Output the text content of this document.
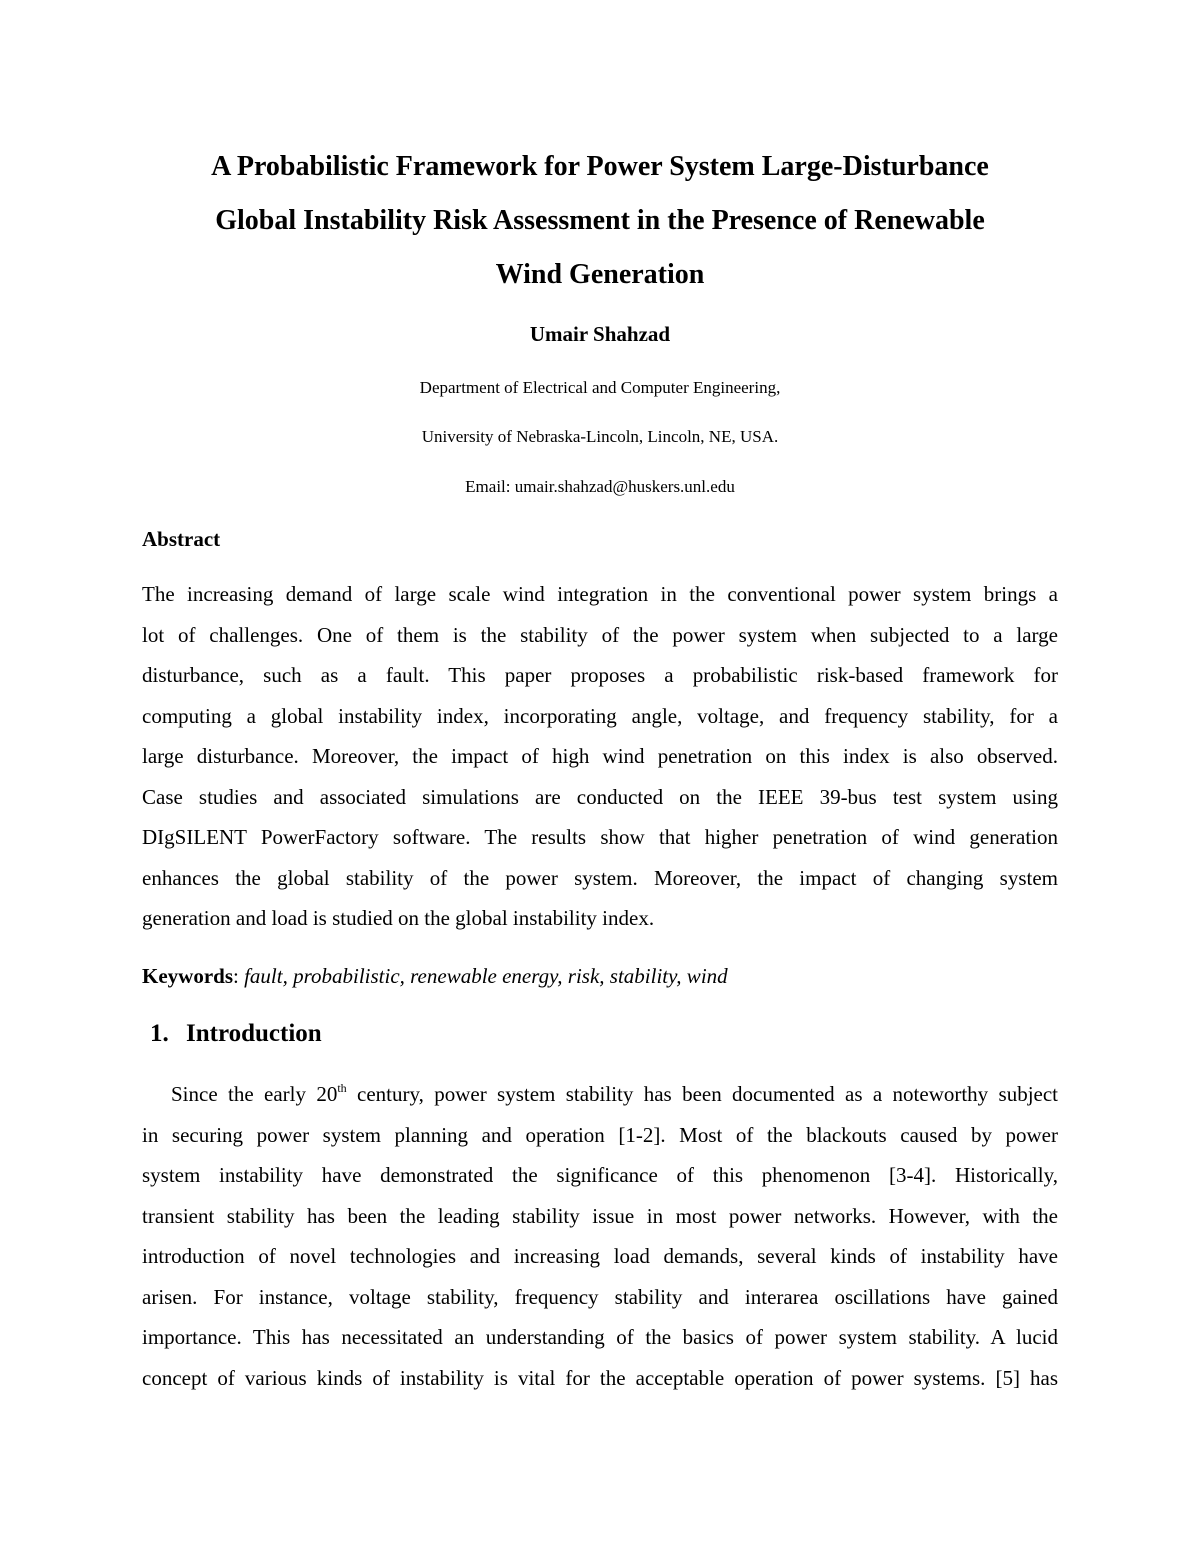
A Probabilistic Framework for Power System Large-Disturbance
Global Instability Risk Assessment in the Presence of Renewable
Wind Generation

Umair Shahzad

Department of Electrical and Computer Engineering,

University of Nebraska-Lincoln, Lincoln, NE, USA.

Email: umair.shahzad@huskers.unl.edu

Abstract
The increasing demand of large scale wind integration in the conventional power system brings a
lot of challenges. One of them is the stability of the power system when subjected to a large
disturbance, such as a fault. This paper proposes a probabilistic risk-based framework for
computing a global instability index, incorporating angle, voltage, and frequency stability, for a
large disturbance. Moreover, the impact of high wind penetration on this index is also observed.
Case studies and associated simulations are conducted on the IEEE 39-bus test system using
DIgSILENT PowerFactory software. The results show that higher penetration of wind generation
enhances the global stability of the power system. Moreover, the impact of changing system
generation and load is studied on the global instability index.

Keywords: fault, probabilistic, renewable energy, risk, stability, wind

1. Introduction
Since the early 20th century, power system stability has been documented as a noteworthy subject
in securing power system planning and operation [1-2]. Most of the blackouts caused by power
system instability have demonstrated the significance of this phenomenon [3-4]. Historically,
transient stability has been the leading stability issue in most power networks. However, with the
introduction of novel technologies and increasing load demands, several kinds of instability have
arisen. For instance, voltage stability, frequency stability and interarea oscillations have gained
importance. This has necessitated an understanding of the basics of power system stability. A lucid
concept of various kinds of instability is vital for the acceptable operation of power systems. [5] has
